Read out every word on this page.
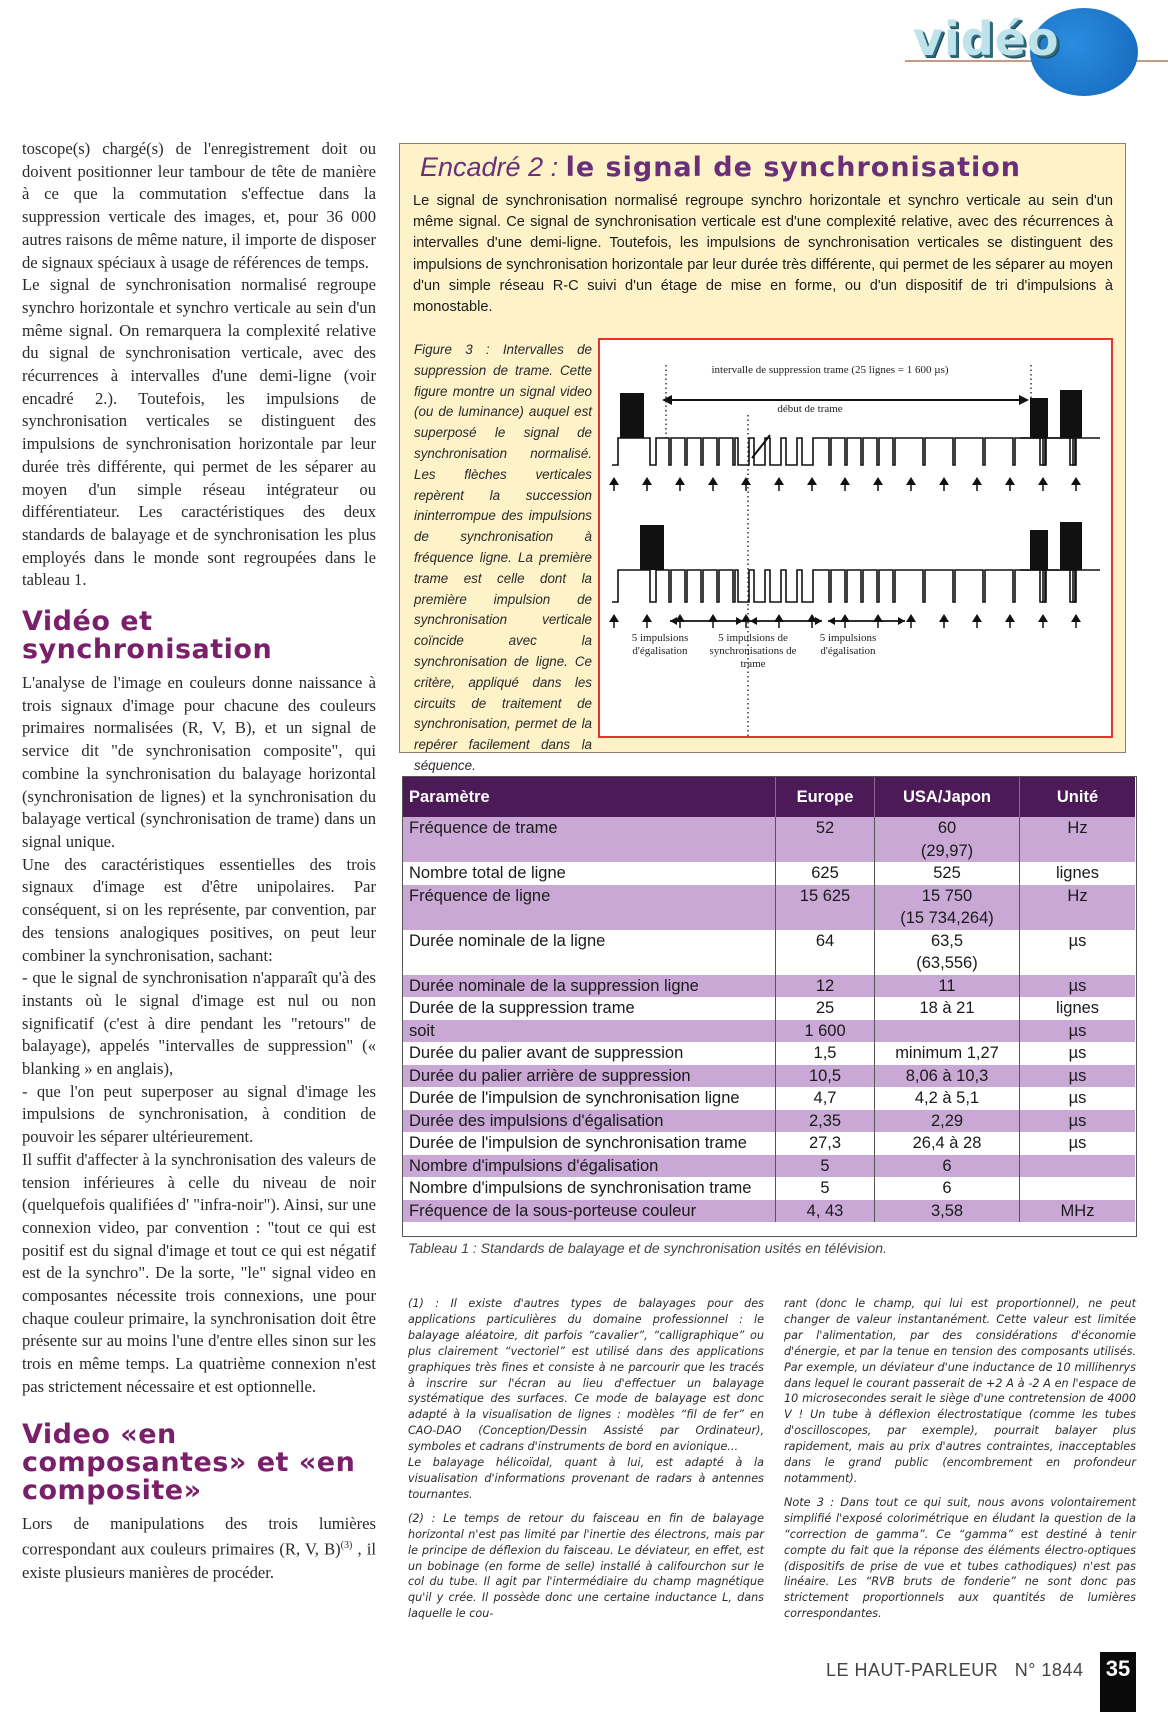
vidéo

toscope(s) chargé(s) de l'enregistrement doit ou doivent positionner leur tambour de tête de manière à ce que la commutation s'effectue dans la suppression verticale des images, et, pour 36 000 autres raisons de même nature, il importe de disposer de signaux spéciaux à usage de références de temps.

Le signal de synchronisation normalisé regroupe synchro horizontale et synchro verticale au sein d'un même signal. On remarquera la complexité relative du signal de synchronisation verticale, avec des récurrences à intervalles d'une demi-ligne (voir encadré 2.). Toutefois, les impulsions de synchronisation verticales se distinguent des impulsions de synchronisation horizontale par leur durée très différente, qui permet de les séparer au moyen d'un simple réseau intégrateur ou différentiateur. Les caractéristiques des deux standards de balayage et de synchronisation les plus employés dans le monde sont regroupées dans le tableau 1.

Vidéo et synchronisation

L'analyse de l'image en couleurs donne naissance à trois signaux d'image pour chacune des couleurs primaires normalisées (R, V, B), et un signal de service dit "de synchronisation composite", qui combine la synchronisation du balayage horizontal (synchronisation de lignes) et la synchronisation du balayage vertical (synchronisation de trame) dans un signal unique.

Une des caractéristiques essentielles des trois signaux d'image est d'être unipolaires. Par conséquent, si on les représente, par convention, par des tensions analogiques positives, on peut leur combiner la synchronisation, sachant:

- que le signal de synchronisation n'apparaît qu'à des instants où le signal d'image est nul ou non significatif (c'est à dire pendant les "retours" de balayage), appelés "intervalles de suppression" (« blanking » en anglais),

- que l'on peut superposer au signal d'image les impulsions de synchronisation, à condition de pouvoir les séparer ultérieurement.

Il suffit d'affecter à la synchronisation des valeurs de tension inférieures à celle du niveau de noir (quelquefois qualifiées d' "infra-noir"). Ainsi, sur une connexion video, par convention : "tout ce qui est positif est du signal d'image et tout ce qui est négatif est de la synchro". De la sorte, "le" signal video en composantes nécessite trois connexions, une pour chaque couleur primaire, la synchronisation doit être présente sur au moins l'une d'entre elles sinon sur les trois en même temps. La quatrième connexion n'est pas strictement nécessaire et est optionnelle.

Video «en composantes» et «en composite»

Lors de manipulations des trois lumières correspondant aux couleurs primaires (R, V, B)$^{(3)}$ , il existe plusieurs manières de procéder.

Encadré 2 : le signal de synchronisation
Le signal de synchronisation normalisé regroupe synchro horizontale et synchro verticale au sein d'un même signal. Ce signal de synchronisation verticale est d'une complexité relative, avec des récurrences à intervalles d'une demi-ligne. Toutefois, les impulsions de synchronisation verticales se distinguent des impulsions de synchronisation horizontale par leur durée très différente, qui permet de les séparer au moyen d'un simple réseau R-C suivi d'un étage de mise en forme, ou d'un dispositif de tri d'impulsions à monostable.
Figure 3 : Intervalles de suppression de trame. Cette figure montre un signal video (ou de luminance) auquel est superposé le signal de synchronisation normalisé. Les flèches verticales repèrent la succession ininterrompue des impulsions de synchronisation à fréquence ligne. La première trame est celle dont la première impulsion de synchronisation verticale coïncide avec la synchronisation de ligne. Ce critère, appliqué dans les circuits de traitement de synchronisation, permet de la repérer facilement dans la séquence.
intervalle de suppression trame (25 lignes = 1 600 µs)
début de trame
5 impulsions d'égalisation
5 impulsions de synchronisations de trame
5 impulsions d'égalisation
Paramètre	Europe	USA/Japon	Unité
Fréquence de trame	52	60	Hz
		(29,97)	
Nombre total de ligne	625	525	lignes
Fréquence de ligne	15 625	15 750	Hz
		(15 734,264)	
Durée nominale de la ligne	64	63,5	µs
		(63,556)	
Durée nominale de la suppression ligne	12	11	µs
Durée de la suppression trame	25	18 à 21	lignes
soit	1 600		µs
Durée du palier avant de suppression	1,5	minimum 1,27	µs
Durée du palier arrière de suppression	10,5	8,06 à 10,3	µs
Durée de l'impulsion de synchronisation ligne	4,7	4,2 à 5,1	µs
Durée des impulsions d'égalisation	2,35	2,29	µs
Durée de l'impulsion de synchronisation trame	27,3	26,4 à 28	µs
Nombre d'impulsions d'égalisation	5	6	
Nombre d'impulsions de synchronisation trame	5	6	
Fréquence de la sous-porteuse couleur	4, 43	3,58	MHz
Tableau 1 : Standards de balayage et de synchronisation usités en télévision.

(1) : Il existe d'autres types de balayages pour des applications particulières du domaine professionnel : le balayage aléatoire, dit parfois “cavalier”, “calligraphique” ou plus clairement “vectoriel” est utilisé dans des applications graphiques très fines et consiste à ne parcourir que les tracés à inscrire sur l'écran au lieu d'effectuer un balayage systématique des surfaces. Ce mode de balayage est donc adapté à la visualisation de lignes : modèles “fil de fer” en CAO-DAO (Conception/Dessin Assisté par Ordinateur), symboles et cadrans d'instruments de bord en avionique...

Le balayage hélicoïdal, quant à lui, est adapté à la visualisation d'informations provenant de radars à antennes tournantes.

(2) : Le temps de retour du faisceau en fin de balayage horizontal n'est pas limité par l'inertie des électrons, mais par le principe de déflexion du faisceau. Le déviateur, en effet, est un bobinage (en forme de selle) installé à califourchon sur le col du tube. Il agit par l'intermédiaire du champ magnétique qu'il y crée. Il possède donc une certaine inductance L, dans laquelle le cou-

rant (donc le champ, qui lui est proportionnel), ne peut changer de valeur instantanément. Cette valeur est limitée par l'alimentation, par des considérations d'économie d'énergie, et par la tenue en tension des composants utilisés. Par exemple, un déviateur d'une inductance de 10 millihenrys dans lequel le courant passerait de +2 A à -2 A en l'espace de 10 microsecondes serait le siège d'une contretension de 4000 V ! Un tube à déflexion électrostatique (comme les tubes d'oscilloscopes, par exemple), pourrait balayer plus rapidement, mais au prix d'autres contraintes, inacceptables dans le grand public (encombrement en profondeur notamment).

Note 3 : Dans tout ce qui suit, nous avons volontairement simplifié l'exposé colorimétrique en éludant la question de la “correction de gamma”. Ce “gamma” est destiné à tenir compte du fait que la réponse des éléments électro-optiques (dispositifs de prise de vue et tubes cathodiques) n'est pas linéaire. Les “RVB bruts de fonderie” ne sont donc pas strictement proportionnels aux quantités de lumières correspondantes.

LE HAUT-PARLEUR   N° 1844 35
